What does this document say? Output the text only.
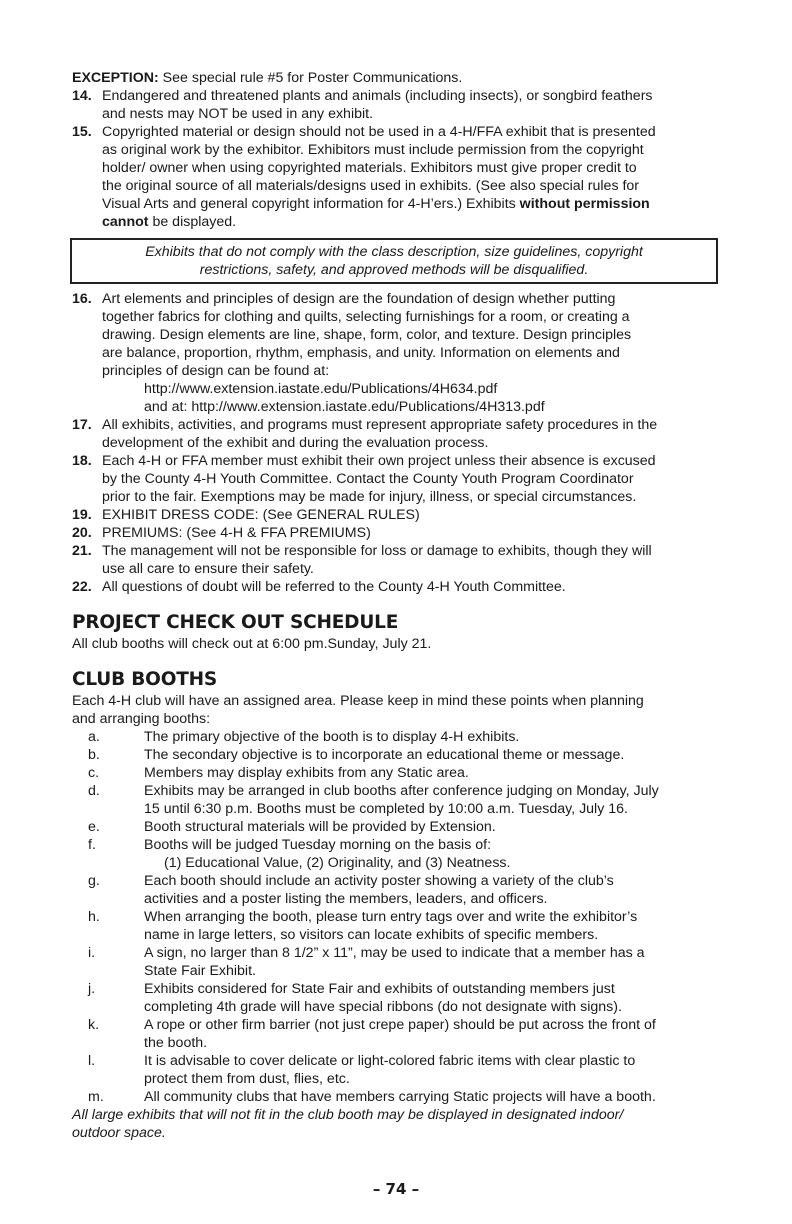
EXCEPTION: See special rule #5 for Poster Communications.
14. Endangered and threatened plants and animals (including insects), or songbird feathers
and nests may NOT be used in any exhibit.
15. Copyrighted material or design should not be used in a 4-H/FFA exhibit that is presented
as original work by the exhibitor. Exhibitors must include permission from the copyright
holder/ owner when using copyrighted materials. Exhibitors must give proper credit to
the original source of all materials/designs used in exhibits. (See also special rules for
Visual Arts and general copyright information for 4-H’ers.) Exhibits without permission
cannot be displayed.
Exhibits that do not comply with the class description, size guidelines, copyright
restrictions, safety, and approved methods will be disqualified.
16. Art elements and principles of design are the foundation of design whether putting
together fabrics for clothing and quilts, selecting furnishings for a room, or creating a
drawing. Design elements are line, shape, form, color, and texture. Design principles
are balance, proportion, rhythm, emphasis, and unity. Information on elements and
principles of design can be found at:
http://www.extension.iastate.edu/Publications/4H634.pdf
and at: http://www.extension.iastate.edu/Publications/4H313.pdf
17. All exhibits, activities, and programs must represent appropriate safety procedures in the
development of the exhibit and during the evaluation process.
18. Each 4-H or FFA member must exhibit their own project unless their absence is excused
by the County 4-H Youth Committee. Contact the County Youth Program Coordinator
prior to the fair. Exemptions may be made for injury, illness, or special circumstances.
19. EXHIBIT DRESS CODE: (See GENERAL RULES)
20. PREMIUMS: (See 4-H & FFA PREMIUMS)
21. The management will not be responsible for loss or damage to exhibits, though they will
use all care to ensure their safety.
22. All questions of doubt will be referred to the County 4-H Youth Committee.
PROJECT CHECK OUT SCHEDULE
All club booths will check out at 6:00 pm.Sunday, July 21.
CLUB BOOTHS
Each 4-H club will have an assigned area. Please keep in mind these points when planning
and arranging booths:
a.	The primary objective of the booth is to display 4-H exhibits.
b.	The secondary objective is to incorporate an educational theme or message.
c.	Members may display exhibits from any Static area.
d.	Exhibits may be arranged in club booths after conference judging on Monday, July
15 until 6:30 p.m. Booths must be completed by 10:00 a.m. Tuesday, July 16.
e.	Booth structural materials will be provided by Extension.
f.	Booths will be judged Tuesday morning on the basis of:
(1) Educational Value, (2) Originality, and (3) Neatness.
g.	Each booth should include an activity poster showing a variety of the club’s
activities and a poster listing the members, leaders, and officers.
h.	When arranging the booth, please turn entry tags over and write the exhibitor’s
name in large letters, so visitors can locate exhibits of specific members.
i.	A sign, no larger than 8 1/2” x 11”, may be used to indicate that a member has a
State Fair Exhibit.
j.	Exhibits considered for State Fair and exhibits of outstanding members just
completing 4th grade will have special ribbons (do not designate with signs).
k.	A rope or other firm barrier (not just crepe paper) should be put across the front of
the booth.
l.	It is advisable to cover delicate or light-colored fabric items with clear plastic to
protect them from dust, flies, etc.
m.	All community clubs that have members carrying Static projects will have a booth.
All large exhibits that will not fit in the club booth may be displayed in designated indoor/
outdoor space.
– 74 –
